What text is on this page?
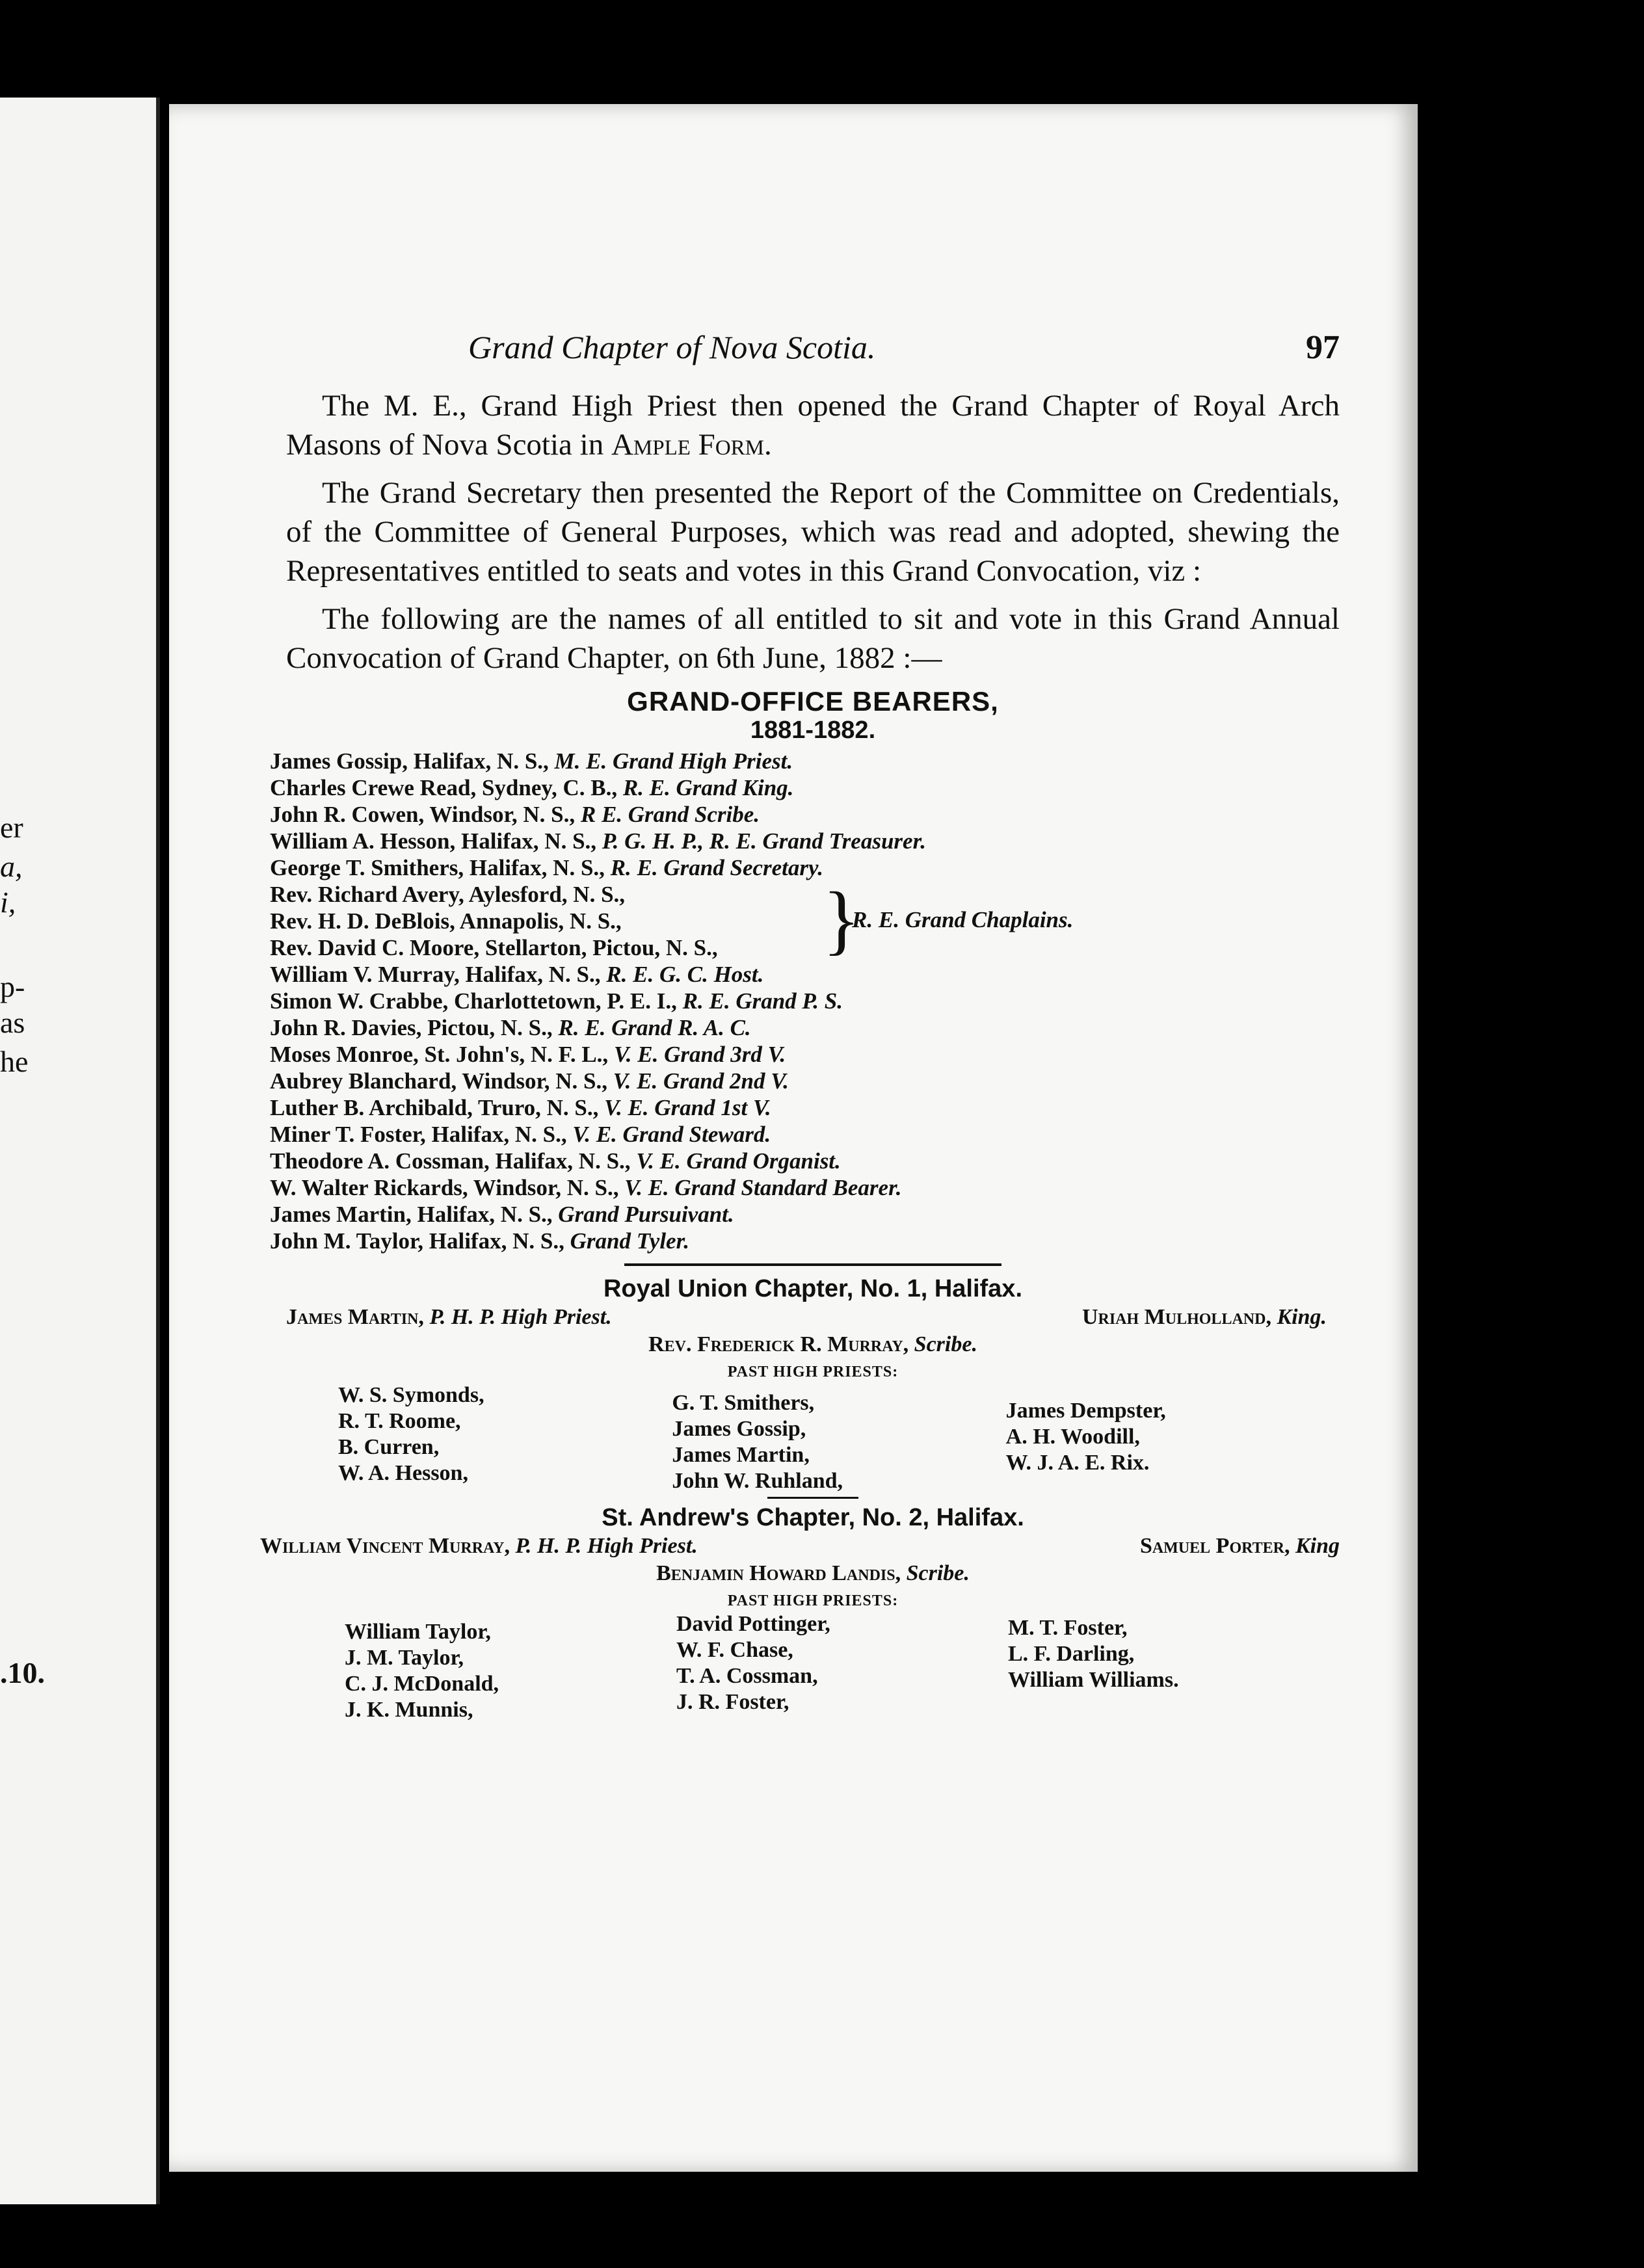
er
a,
i,
p-
as
he
.10.
Grand Chapter of Nova Scotia.	97

The M. E., Grand High Priest then opened the Grand Chapter of Royal Arch Masons of Nova Scotia in Ample Form.

The Grand Secretary then presented the Report of the Committee on Credentials, of the Committee of General Purposes, which was read and adopted, shewing the Representatives entitled to seats and votes in this Grand Convocation, viz :

The following are the names of all entitled to sit and vote in this Grand Annual Convocation of Grand Chapter, on 6th June, 1882 :—

GRAND-OFFICE BEARERS,
1881-1882.
James Gossip, Halifax, N. S., M. E. Grand High Priest.
Charles Crewe Read, Sydney, C. B., R. E. Grand King.
John R. Cowen, Windsor, N. S., R E. Grand Scribe.
William A. Hesson, Halifax, N. S., P. G. H. P., R. E. Grand Treasurer.
George T. Smithers, Halifax, N. S., R. E. Grand Secretary.
Rev. Richard Avery, Aylesford, N. S.,
Rev. H. D. DeBlois, Annapolis, N. S.,
Rev. David C. Moore, Stellarton, Pictou, N. S.,	}
R. E. Grand Chaplains.
William V. Murray, Halifax, N. S., R. E. G. C. Host.
Simon W. Crabbe, Charlottetown, P. E. I., R. E. Grand P. S.
John R. Davies, Pictou, N. S., R. E. Grand R. A. C.
Moses Monroe, St. John's, N. F. L., V. E. Grand 3rd V.
Aubrey Blanchard, Windsor, N. S., V. E. Grand 2nd V.
Luther B. Archibald, Truro, N. S., V. E. Grand 1st V.
Miner T. Foster, Halifax, N. S., V. E. Grand Steward.
Theodore A. Cossman, Halifax, N. S., V. E. Grand Organist.
W. Walter Rickards, Windsor, N. S., V. E. Grand Standard Bearer.
James Martin, Halifax, N. S., Grand Pursuivant.
John M. Taylor, Halifax, N. S., Grand Tyler.
Royal Union Chapter, No. 1, Halifax.
James Martin, P. H. P. High Priest.	Uriah Mulholland, King.
Rev. Frederick R. Murray, Scribe.
PAST HIGH PRIESTS:
W. S. Symonds,
R. T. Roome,
B. Curren,
W. A. Hesson,
G. T. Smithers,
James Gossip,
James Martin,
John W. Ruhland,
James Dempster,
A. H. Woodill,
W. J. A. E. Rix.
St. Andrew's Chapter, No. 2, Halifax.
William Vincent Murray, P. H. P. High Priest.	Samuel Porter, King
Benjamin Howard Landis, Scribe.
PAST HIGH PRIESTS:
William Taylor,
J. M. Taylor,
C. J. McDonald,
J. K. Munnis,
David Pottinger,
W. F. Chase,
T. A. Cossman,
J. R. Foster,
M. T. Foster,
L. F. Darling,
William Williams.
